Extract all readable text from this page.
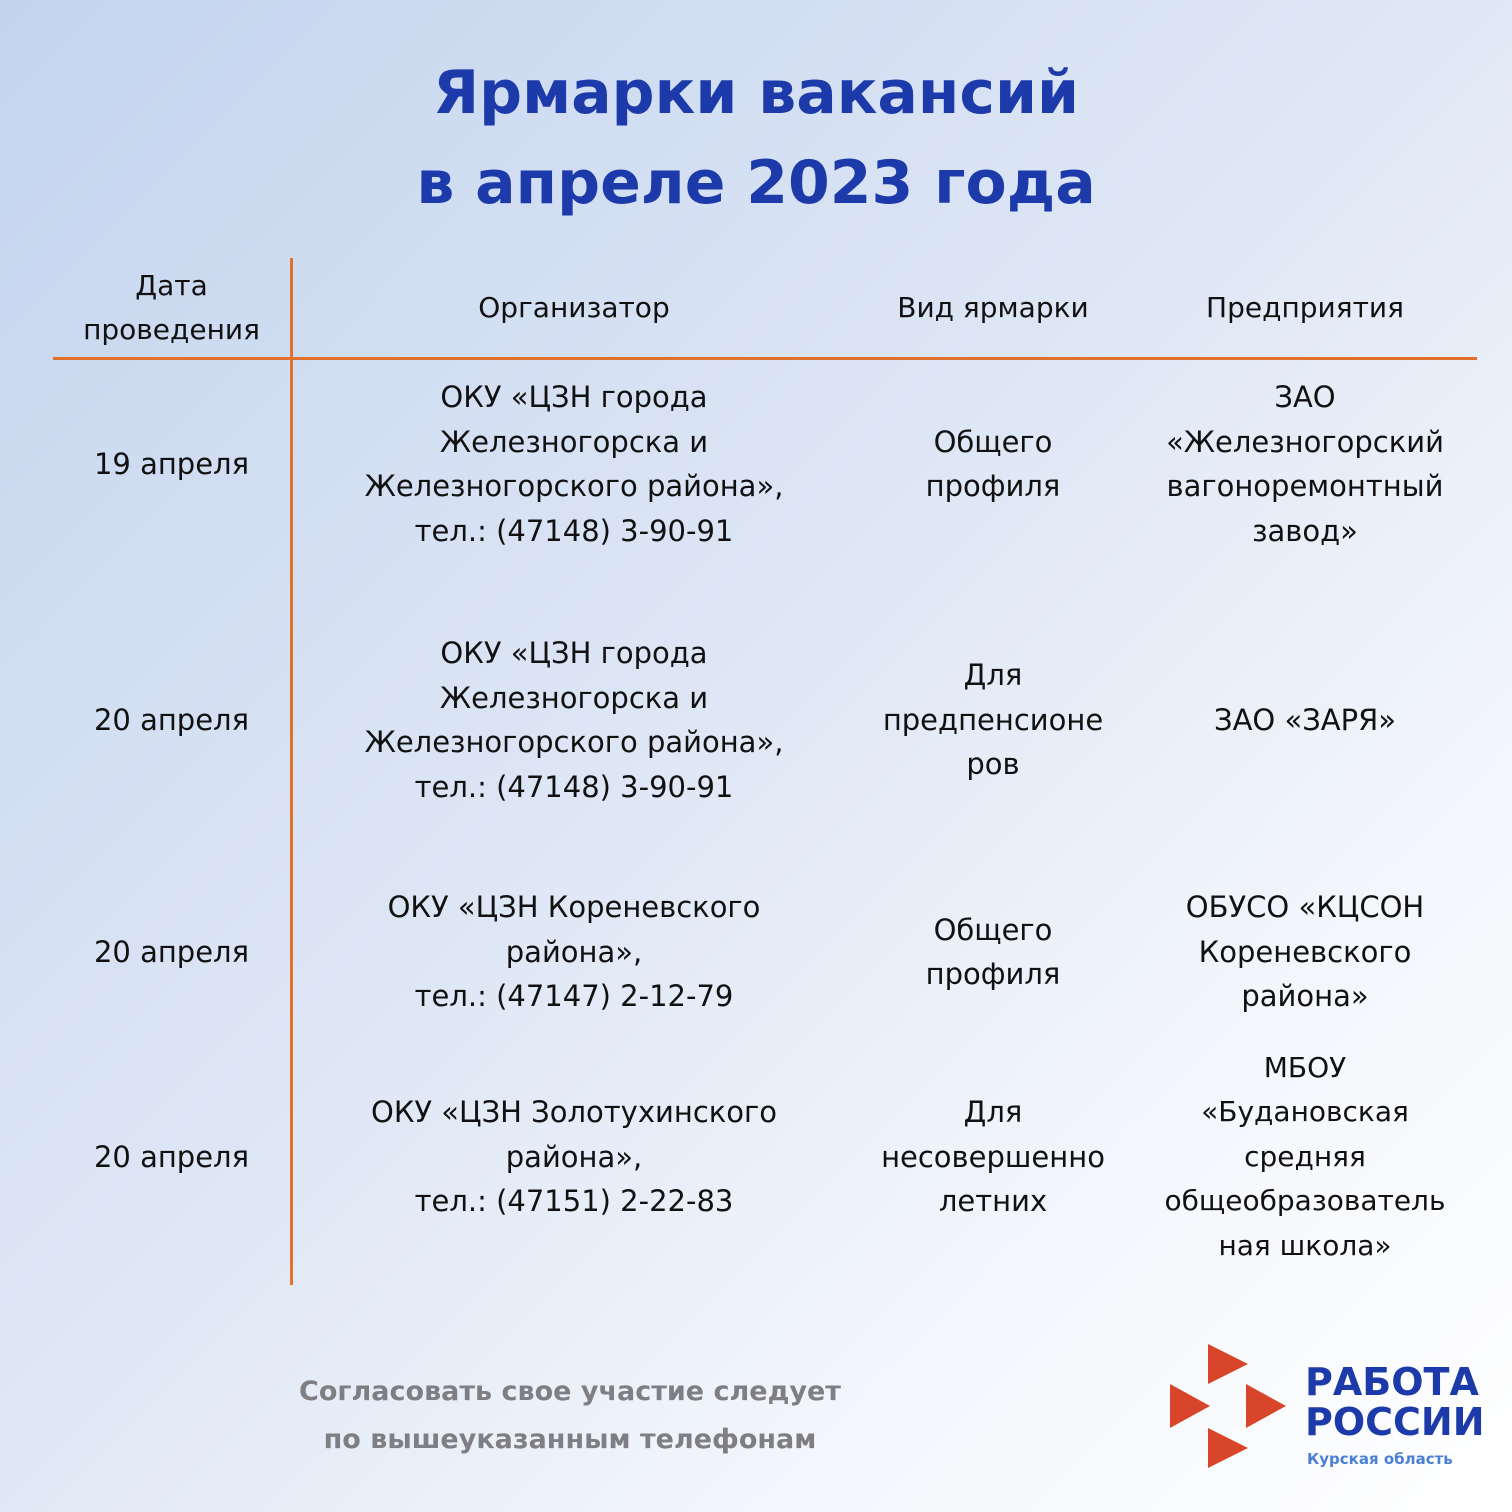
Ярмарки вакансий
в апреле 2023 года
Дата
проведения
Организатор	Вид ярмарки	Предприятия
19 апреля
ОКУ «ЦЗН города
Железногорска и
Железногорского района»,
тел.: (47148) 3-90-91
Общего
профиля
ЗАО
«Железногорский
вагоноремонтный
завод»
20 апреля
ОКУ «ЦЗН города
Железногорска и
Железногорского района»,
тел.: (47148) 3-90-91
Для
предпенсионе
ров
ЗАО «ЗАРЯ»
20 апреля
ОКУ «ЦЗН Кореневского
района»,
тел.: (47147) 2-12-79
Общего
профиля
ОБУСО «КЦСОН
Кореневского
района»
20 апреля
ОКУ «ЦЗН Золотухинского
района»,
тел.: (47151) 2-22-83
Для
несовершенно
летних
МБОУ
«Будановская
средняя
общеобразователь
ная школа»
Согласовать свое участие следует
по вышеуказанным телефонам
РАБОТА
РОССИИ
Курская область
